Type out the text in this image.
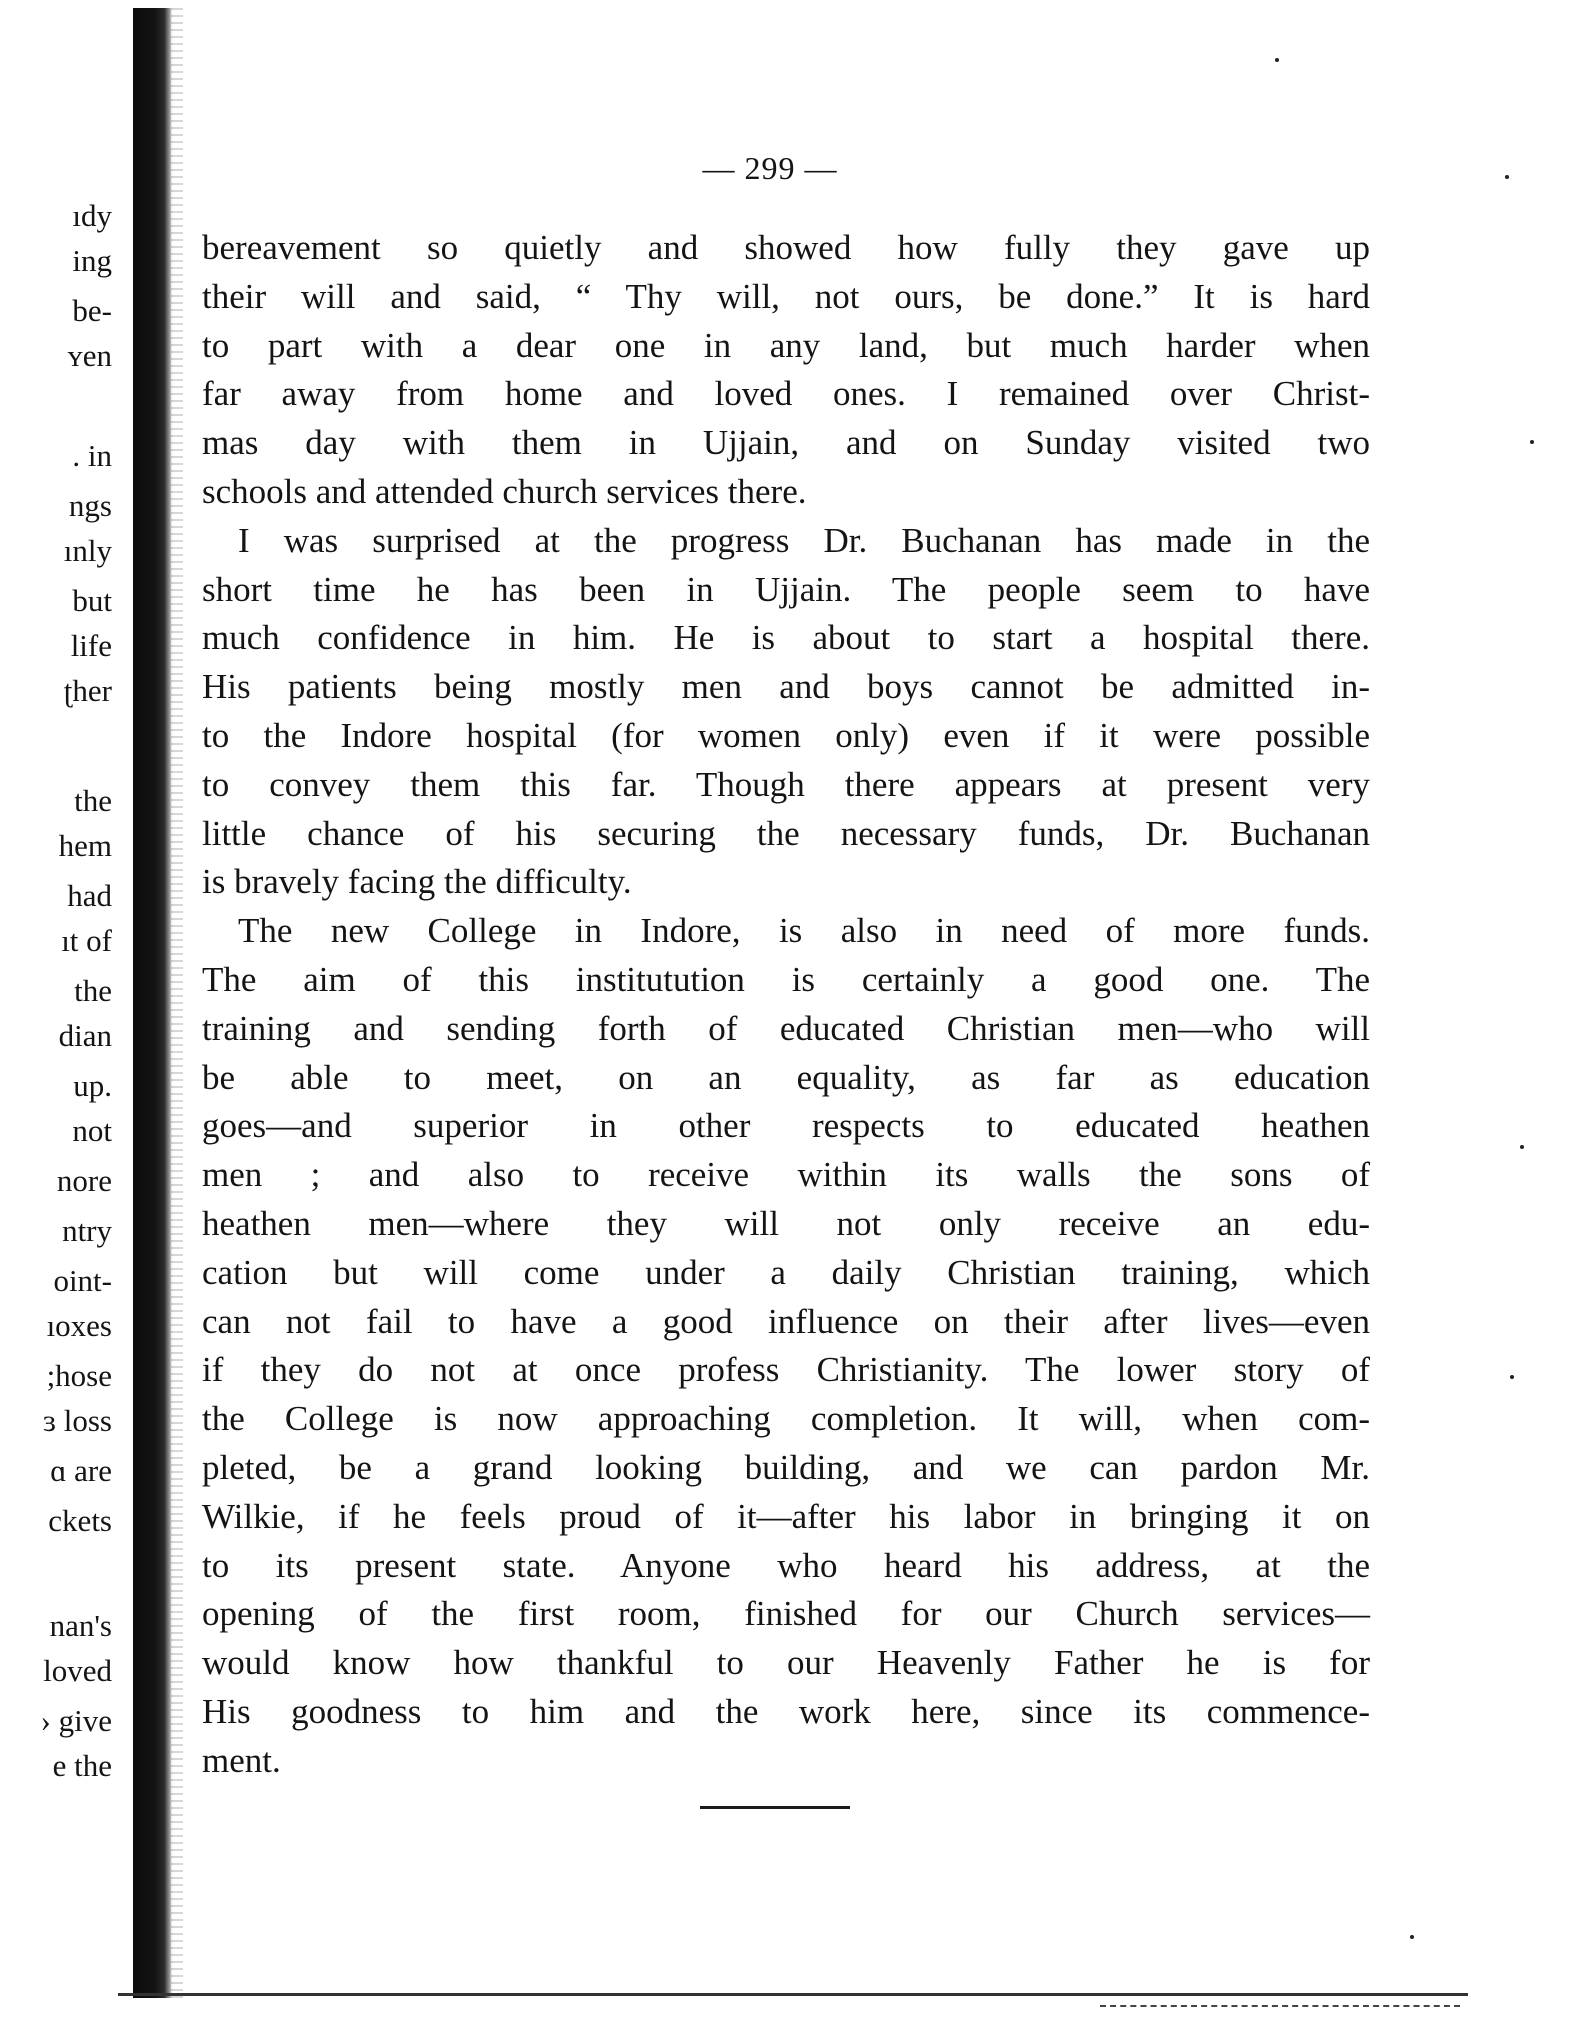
ıdy
ing
be-
ʏen
. in
ngs
ınly
but
life
ʈher
the
hem
had
ıt of
the
dian
up.
not
nore
ntry
oint-
ıoxes
;hose
ɜ loss
ɑ are
ckets
nan's
loved
› give
e the
— 299 —
bereavement so quietly and showed how fully they gave up
their will and said, “ Thy will, not ours, be done.” It is hard
to part with a dear one in any land, but much harder when
far away from home and loved ones. I remained over Christ-
mas day with them in Ujjain, and on Sunday visited two
schools and attended church services there.
I was surprised at the progress Dr. Buchanan has made in the
short time he has been in Ujjain. The people seem to have
much confidence in him. He is about to start a hospital there.
His patients being mostly men and boys cannot be admitted in-
to the Indore hospital (for women only) even if it were possible
to convey them this far. Though there appears at present very
little chance of his securing the necessary funds, Dr. Buchanan
is bravely facing the difficulty.
The new College in Indore, is also in need of more funds.
The aim of this institutution is certainly a good one. The
training and sending forth of educated Christian men—who will
be able to meet, on an equality, as far as education
goes—and superior in other respects to educated heathen
men ; and also to receive within its walls the sons of
heathen men—where they will not only receive an edu-
cation but will come under a daily Christian training, which
can not fail to have a good influence on their after lives—even
if they do not at once profess Christianity. The lower story of
the College is now approaching completion. It will, when com-
pleted, be a grand looking building, and we can pardon Mr.
Wilkie, if he feels proud of it—after his labor in bringing it on
to its present state. Anyone who heard his address, at the
opening of the first room, finished for our Church services—
would know how thankful to our Heavenly Father he is for
His goodness to him and the work here, since its commence-
ment.
